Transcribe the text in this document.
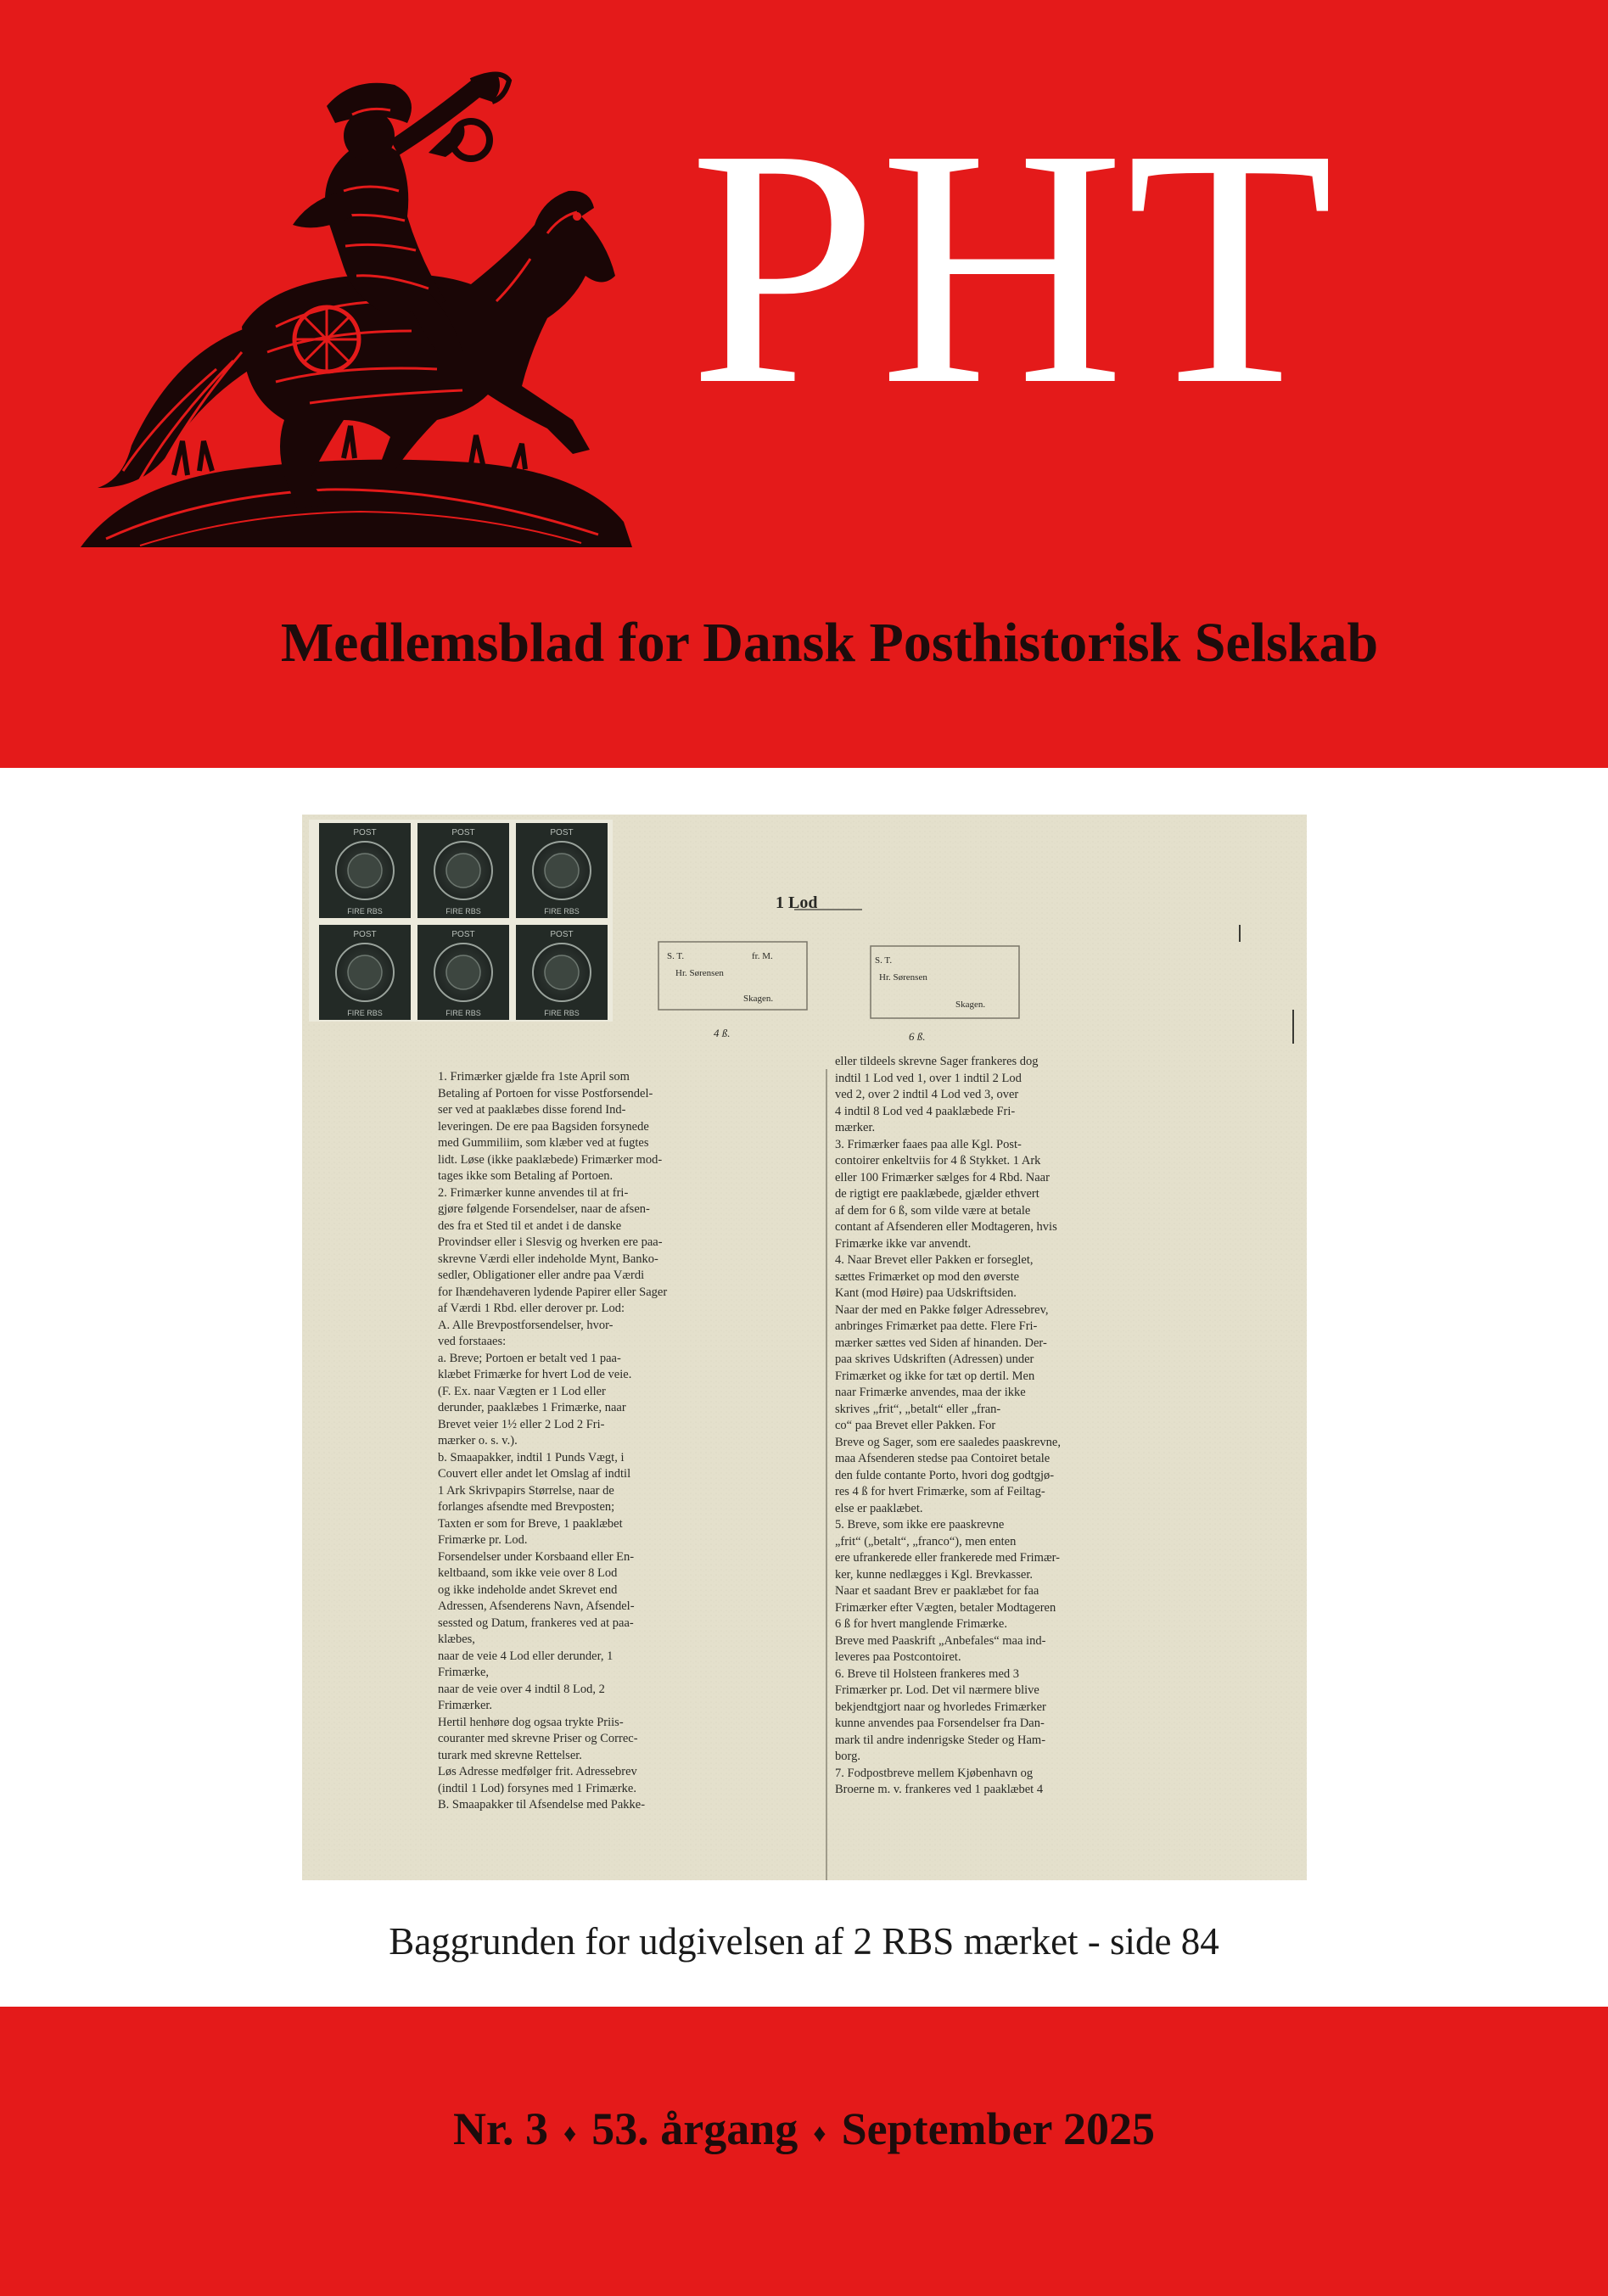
PHT
Medlemsblad for Dansk Posthistorisk Selskab
POST
FIRE RBS
POST
FIRE RBS
POST
FIRE RBS
POST
FIRE RBS
POST
FIRE RBS
POST
FIRE RBS
1 Lod
S. T.	fr. M.
Hr. Sørensen
Skagen.
4 ß.
S. T.
Hr. Sørensen
Skagen.
6 ß.
1. Frimærker gjælde fra 1ste April som
Betaling af Portoen for visse Postforsendel-
ser ved at paaklæbes disse forend Ind-
leveringen. De ere paa Bagsiden forsynede
med Gummiliim, som klæber ved at fugtes
lidt. Løse (ikke paaklæbede) Frimærker mod-
tages ikke som Betaling af Portoen.
2. Frimærker kunne anvendes til at fri-
gjøre følgende Forsendelser, naar de afsen-
des fra et Sted til et andet i de danske
Provindser eller i Slesvig og hverken ere paa-
skrevne Værdi eller indeholde Mynt, Banko-
sedler, Obligationer eller andre paa Værdi
for Ihændehaveren lydende Papirer eller Sager
af Værdi 1 Rbd. eller derover pr. Lod:
A. Alle Brevpostforsendelser, hvor-
ved forstaaes:
a. Breve; Portoen er betalt ved 1 paa-
klæbet Frimærke for hvert Lod de veie.
(F. Ex. naar Vægten er 1 Lod eller
derunder, paaklæbes 1 Frimærke, naar
Brevet veier 1½ eller 2 Lod 2 Fri-
mærker o. s. v.).
b. Smaapakker, indtil 1 Punds Vægt, i
Couvert eller andet let Omslag af indtil
1 Ark Skrivpapirs Størrelse, naar de
forlanges afsendte med Brevposten;
Taxten er som for Breve, 1 paaklæbet
Frimærke pr. Lod.
Forsendelser under Korsbaand eller En-
keltbaand, som ikke veie over 8 Lod
og ikke indeholde andet Skrevet end
Adressen, Afsenderens Navn, Afsendel-
sessted og Datum, frankeres ved at paa-
klæbes,
naar de veie 4 Lod eller derunder, 1
Frimærke,
naar de veie over 4 indtil 8 Lod, 2
Frimærker.
Hertil henhøre dog ogsaa trykte Priis-
couranter med skrevne Priser og Correc-
turark med skrevne Rettelser.
Løs Adresse medfølger frit. Adressebrev
(indtil 1 Lod) forsynes med 1 Frimærke.
B. Smaapakker til Afsendelse med Pakke-
eller tildeels skrevne Sager frankeres dog
indtil 1 Lod ved 1, over 1 indtil 2 Lod
ved 2, over 2 indtil 4 Lod ved 3, over
4 indtil 8 Lod ved 4 paaklæbede Fri-
mærker.
3. Frimærker faaes paa alle Kgl. Post-
contoirer enkeltviis for 4 ß Stykket. 1 Ark
eller 100 Frimærker sælges for 4 Rbd. Naar
de rigtigt ere paaklæbede, gjælder ethvert
af dem for 6 ß, som vilde være at betale
contant af Afsenderen eller Modtageren, hvis
Frimærke ikke var anvendt.
4. Naar Brevet eller Pakken er forseglet,
sættes Frimærket op mod den øverste
Kant (mod Høire) paa Udskriftsiden.
Naar der med en Pakke følger Adressebrev,
anbringes Frimærket paa dette. Flere Fri-
mærker sættes ved Siden af hinanden. Der-
paa skrives Udskriften (Adressen) under
Frimærket og ikke for tæt op dertil. Men
naar Frimærke anvendes, maa der ikke
skrives „frit“, „betalt“ eller „fran-
co“ paa Brevet eller Pakken. For
Breve og Sager, som ere saaledes paaskrevne,
maa Afsenderen stedse paa Contoiret betale
den fulde contante Porto, hvori dog godtgjø-
res 4 ß for hvert Frimærke, som af Feiltag-
else er paaklæbet.
5. Breve, som ikke ere paaskrevne
„frit“ („betalt“, „franco“), men enten
ere ufrankerede eller frankerede med Frimær-
ker, kunne nedlægges i Kgl. Brevkasser.
Naar et saadant Brev er paaklæbet for faa
Frimærker efter Vægten, betaler Modtageren
6 ß for hvert manglende Frimærke.
Breve med Paaskrift „Anbefales“ maa ind-
leveres paa Postcontoiret.
6. Breve til Holsteen frankeres med 3
Frimærker pr. Lod. Det vil nærmere blive
bekjendtgjort naar og hvorledes Frimærker
kunne anvendes paa Forsendelser fra Dan-
mark til andre indenrigske Steder og Ham-
borg.
7. Fodpostbreve mellem Kjøbenhavn og
Broerne m. v. frankeres ved 1 paaklæbet 4
Baggrunden for udgivelsen af 2 RBS mærket - side 84
Nr. 3 ♦ 53. årgang ♦ September 2025
